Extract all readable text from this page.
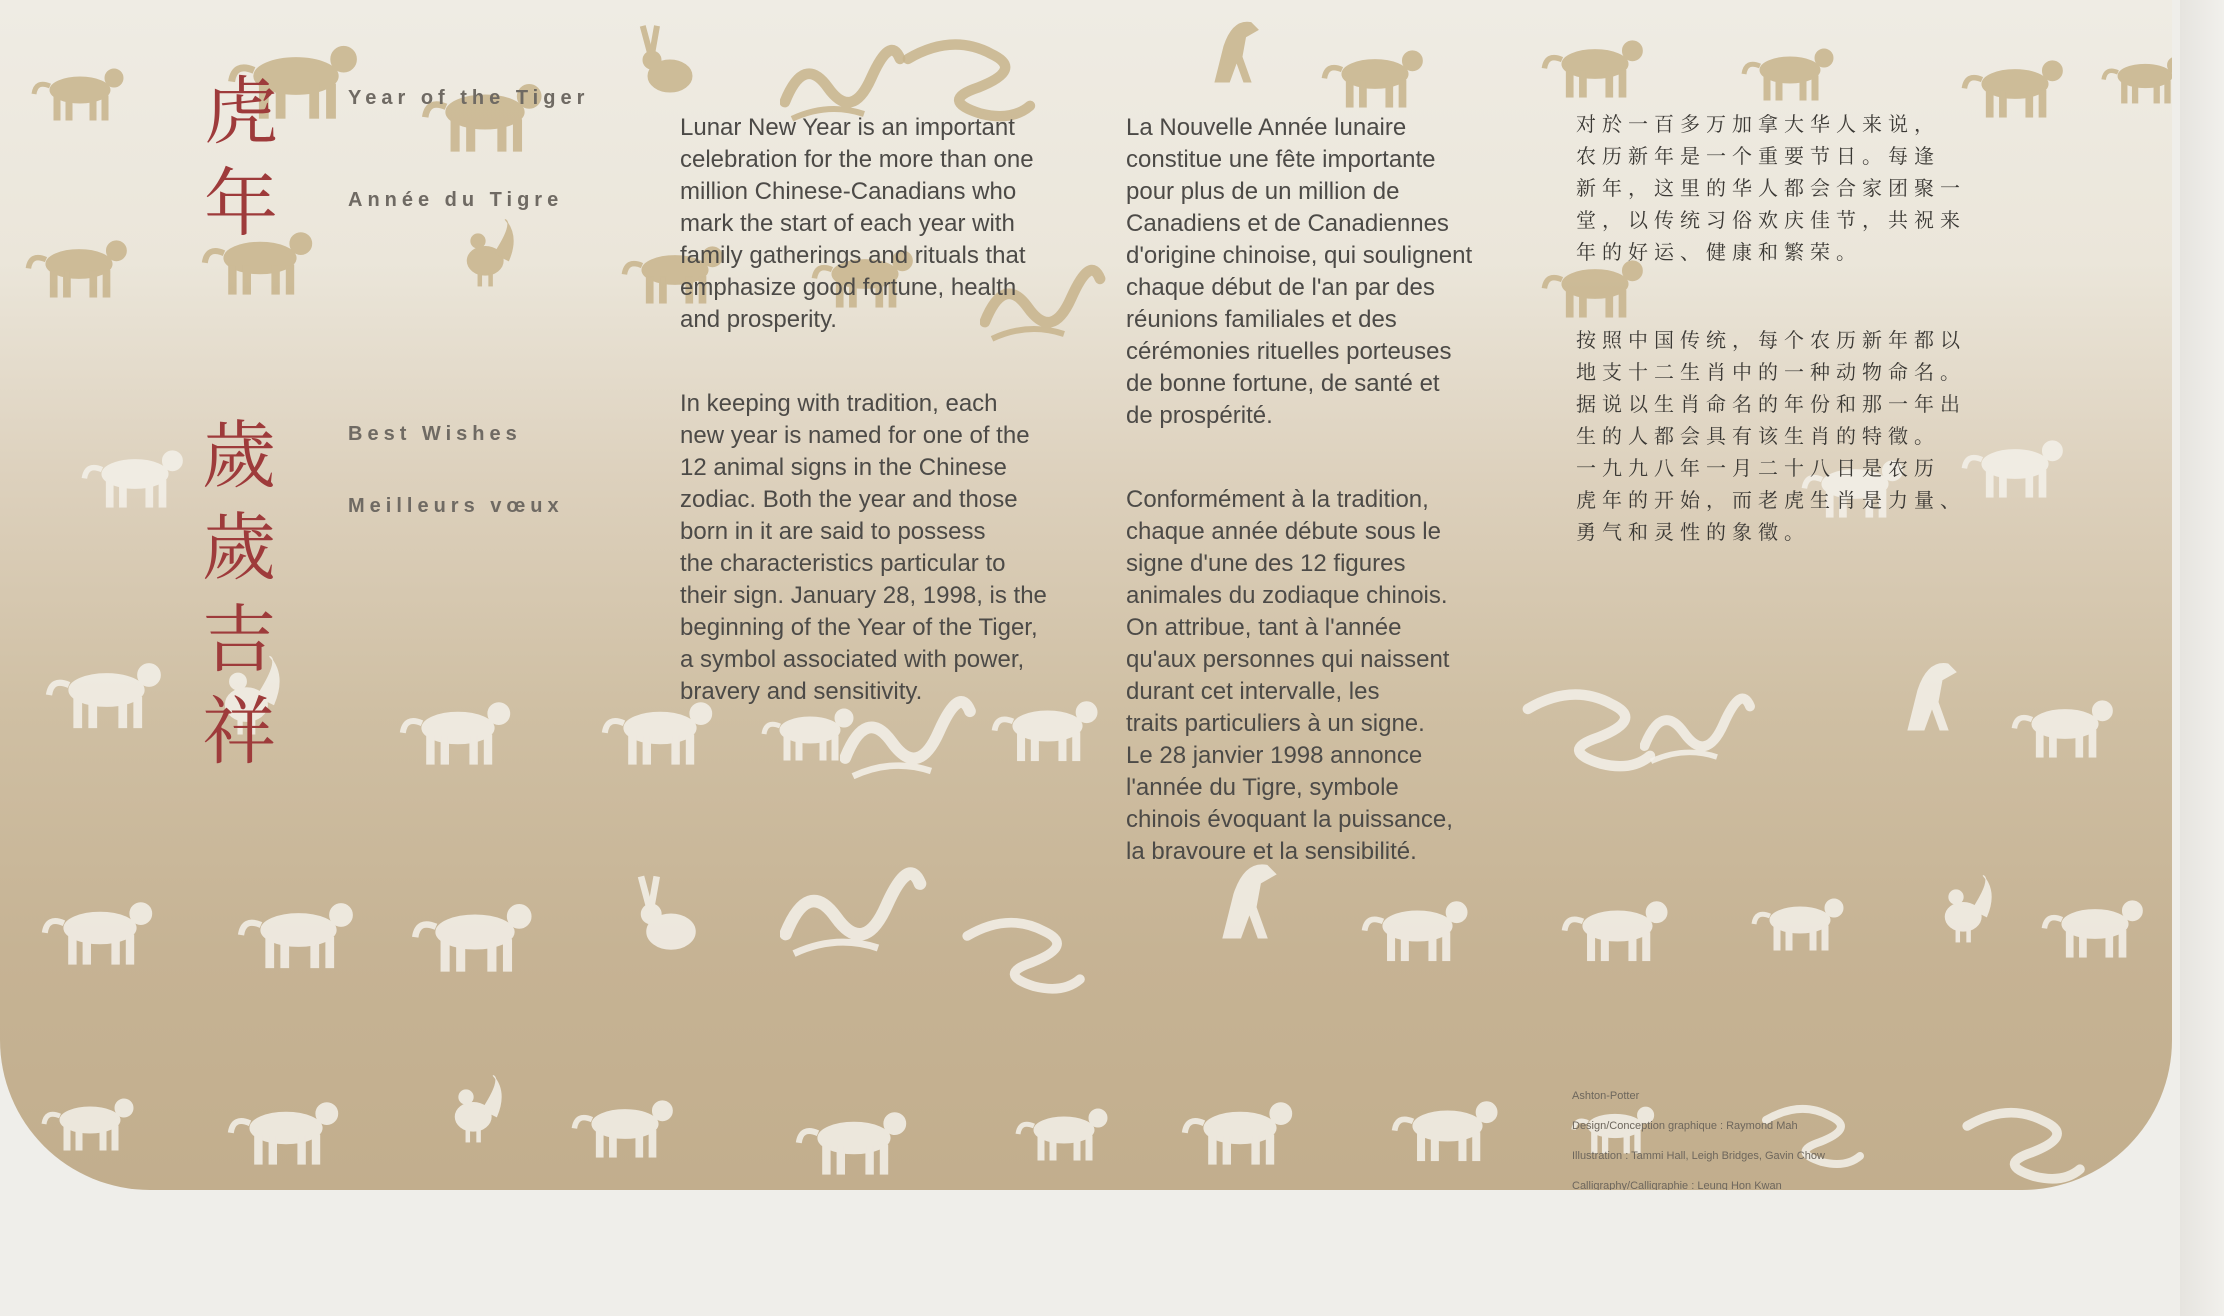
Year of the Tiger
Année du Tigre
Best Wishes
Meilleurs vœux
虎
年
歲
歲
吉
祥

Lunar New Year is an important
celebration for the more than one
million Chinese-Canadians who
mark the start of each year with
family gatherings and rituals that
emphasize good fortune, health
and prosperity.

In keeping with tradition, each
new year is named for one of the
12 animal signs in the Chinese
zodiac. Both the year and those
born in it are said to possess
the characteristics particular to
their sign. January 28, 1998, is the
beginning of the Year of the Tiger,
a symbol associated with power,
bravery and sensitivity.

La Nouvelle Année lunaire
constitue une fête importante
pour plus de un million de
Canadiens et de Canadiennes
d'origine chinoise, qui soulignent
chaque début de l'an par des
réunions familiales et des
cérémonies rituelles porteuses
de bonne fortune, de santé et
de prospérité.

Conformément à la tradition,
chaque année débute sous le
signe d'une des 12 figures
animales du zodiaque chinois.
On attribue, tant à l'année
qu'aux personnes qui naissent
durant cet intervalle, les
traits particuliers à un signe.
Le 28 janvier 1998 annonce
l'année du Tigre, symbole
chinois évoquant la puissance,
la bravoure et la sensibilité.

对於一百多万加拿大华人来说，
农历新年是一个重要节日。每逢
新年，这里的华人都会合家团聚一
堂，以传统习俗欢庆佳节，共祝来
年的好运、健康和繁荣。

按照中国传统，每个农历新年都以
地支十二生肖中的一种动物命名。
据说以生肖命名的年份和那一年出
生的人都会具有该生肖的特徵。
一九九八年一月二十八日是农历
虎年的开始，而老虎生肖是力量、
勇气和灵性的象徵。

Ashton-Potter

Design/Conception graphique : Raymond Mah

Illustration : Tammi Hall, Leigh Bridges, Gavin Chow

Calligraphy/Calligraphie : Leung Hon Kwan
